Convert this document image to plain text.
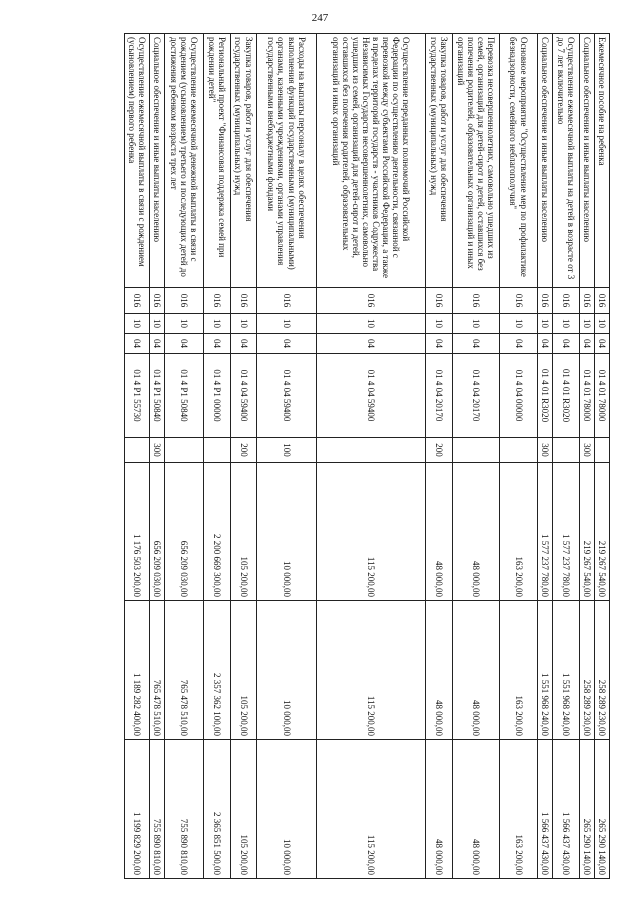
247
Ежемесячное пособие на ребенка	016	10	04	01 4 01 78000		219 267 540,00	258 289 230,00	265 290 140,00
Социальное обеспечение и иные выплаты населению	016	10	04	01 4 01 78000	300	219 267 540,00	258 289 230,00	265 290 140,00
Осуществление ежемесячной выплаты на детей в возрасте от 3 до 7 лет включительно	016	10	04	01 4 01 R3020		1 577 237 780,00	1 551 968 240,00	1 566 437 430,00
Социальное обеспечение и иные выплаты населению	016	10	04	01 4 01 R3020	300	1 577 237 780,00	1 551 968 240,00	1 566 437 430,00
Основное мероприятие "Осуществление мер по профилактике безнадзорности, семейного неблагополучия"	016	10	04	01 4 04 00000		163 200,00	163 200,00	163 200,00
Перевозка несовершеннолетних, самовольно ушедших из семей, организаций для детей-сирот и детей, оставшихся без попечения родителей, образовательных организаций и иных организаций	016	10	04	01 4 04 20170		48 000,00	48 000,00	48 000,00
Закупка товаров, работ и услуг для обеспечения государственных (муниципальных) нужд	016	10	04	01 4 04 20170	200	48 000,00	48 000,00	48 000,00
Осуществление переданных полномочий Российской Федерации по осуществлению деятельности, связанной с перевозкой между субъектами Российской Федерации, а также в пределах территорий государств - участников Содружества Независимых Государств несовершеннолетних, самовольно ушедших из семей, организаций для детей-сирот и детей, оставшихся без попечения родителей, образовательных организаций и иных организаций	016	10	04	01 4 04 59400		115 200,00	115 200,00	115 200,00
Расходы на выплаты персоналу в целях обеспечения выполнения функций государственными (муниципальными) органами, казенными учреждениями, органами управления государственными внебюджетными фондами	016	10	04	01 4 04 59400	100	10 000,00	10 000,00	10 000,00
Закупка товаров, работ и услуг для обеспечения государственных (муниципальных) нужд	016	10	04	01 4 04 59400	200	105 200,00	105 200,00	105 200,00
Региональный проект "Финансовая поддержка семей при рождении детей"	016	10	04	01 4 P1 00000		2 200 669 300,00	2 357 362 100,00	2 365 851 500,00
Осуществление ежемесячной денежной выплаты в связи с рождением (усыновлением) третьего и последующих детей до достижения ребенком возраста трех лет	016	10	04	01 4 P1 50840		656 209 030,00	765 478 510,00	755 890 810,00
Социальное обеспечение и иные выплаты населению	016	10	04	01 4 P1 50840	300	656 209 030,00	765 478 510,00	755 890 810,00
Осуществление ежемесячной выплаты в связи с рождением (усыновлением) первого ребенка	016	10	04	01 4 P1 55730		1 176 503 200,00	1 189 282 400,00	1 199 829 200,00
